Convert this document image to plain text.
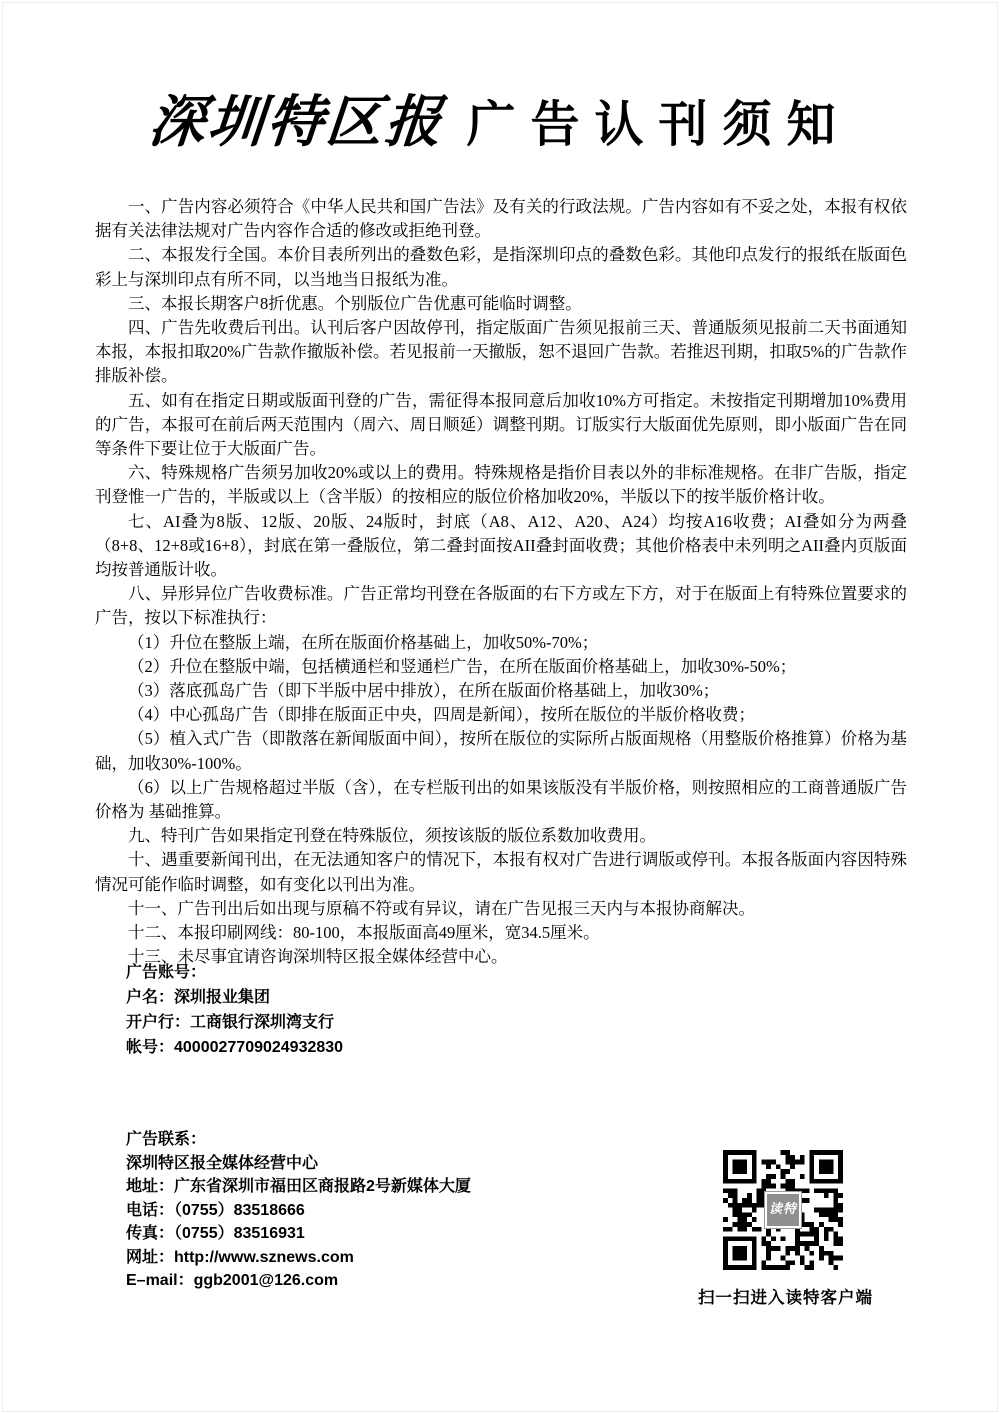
深圳特区报 广告认刊须知

一、广告内容必须符合《中华人民共和国广告法》及有关的行政法规。广告内容如有不妥之处，本报有权依据有关法律法规对广告内容作合适的修改或拒绝刊登。

二、本报发行全国。本价目表所列出的叠数色彩，是指深圳印点的叠数色彩。其他印点发行的报纸在版面色彩上与深圳印点有所不同，以当地当日报纸为准。

三、本报长期客户8折优惠。个别版位广告优惠可能临时调整。

四、广告先收费后刊出。认刊后客户因故停刊，指定版面广告须见报前三天、普通版须见报前二天书面通知本报，本报扣取20%广告款作撤版补偿。若见报前一天撤版，恕不退回广告款。若推迟刊期，扣取5%的广告款作排版补偿。

五、如有在指定日期或版面刊登的广告，需征得本报同意后加收10%方可指定。未按指定刊期增加10%费用的广告，本报可在前后两天范围内（周六、周日顺延）调整刊期。订版实行大版面优先原则，即小版面广告在同等条件下要让位于大版面广告。

六、特殊规格广告须另加收20%或以上的费用。特殊规格是指价目表以外的非标准规格。在非广告版，指定刊登惟一广告的，半版或以上（含半版）的按相应的版位价格加收20%，半版以下的按半版价格计收。

七、AI叠为8版、12版、20版、24版时，封底（A8、A12、A20、A24）均按A16收费；AI叠如分为两叠（8+8、12+8或16+8），封底在第一叠版位，第二叠封面按AII叠封面收费；其他价格表中未列明之AII叠内页版面均按普通版计收。

八、异形异位广告收费标准。广告正常均刊登在各版面的右下方或左下方，对于在版面上有特殊位置要求的广告，按以下标准执行：

（1）升位在整版上端，在所在版面价格基础上，加收50%-70%；

（2）升位在整版中端，包括横通栏和竖通栏广告，在所在版面价格基础上，加收30%-50%；

（3）落底孤岛广告（即下半版中居中排放），在所在版面价格基础上，加收30%；

（4）中心孤岛广告（即排在版面正中央，四周是新闻），按所在版位的半版价格收费；

（5）植入式广告（即散落在新闻版面中间），按所在版位的实际所占版面规格（用整版价格推算）价格为基础，加收30%-100%。

（6）以上广告规格超过半版（含），在专栏版刊出的如果该版没有半版价格，则按照相应的工商普通版广告价格为 基础推算。

九、特刊广告如果指定刊登在特殊版位，须按该版的版位系数加收费用。

十、遇重要新闻刊出，在无法通知客户的情况下，本报有权对广告进行调版或停刊。本报各版面内容因特殊情况可能作临时调整，如有变化以刊出为准。

十一、广告刊出后如出现与原稿不符或有异议，请在广告见报三天内与本报协商解决。

十二、本报印刷网线：80-100，本报版面高49厘米，宽34.5厘米。

十三、未尽事宜请咨询深圳特区报全媒体经营中心。

广告账号：
户名：深圳报业集团
开户行：工商银行深圳湾支行
帐号：4000027709024932830
广告联系：
深圳特区报全媒体经营中心
地址：广东省深圳市福田区商报路2号新媒体大厦
电话：（0755）83518666
传真：（0755）83516931
网址：http://www.sznews.com
E–mail：ggb2001@126.com
读特
扫一扫进入读特客户端
